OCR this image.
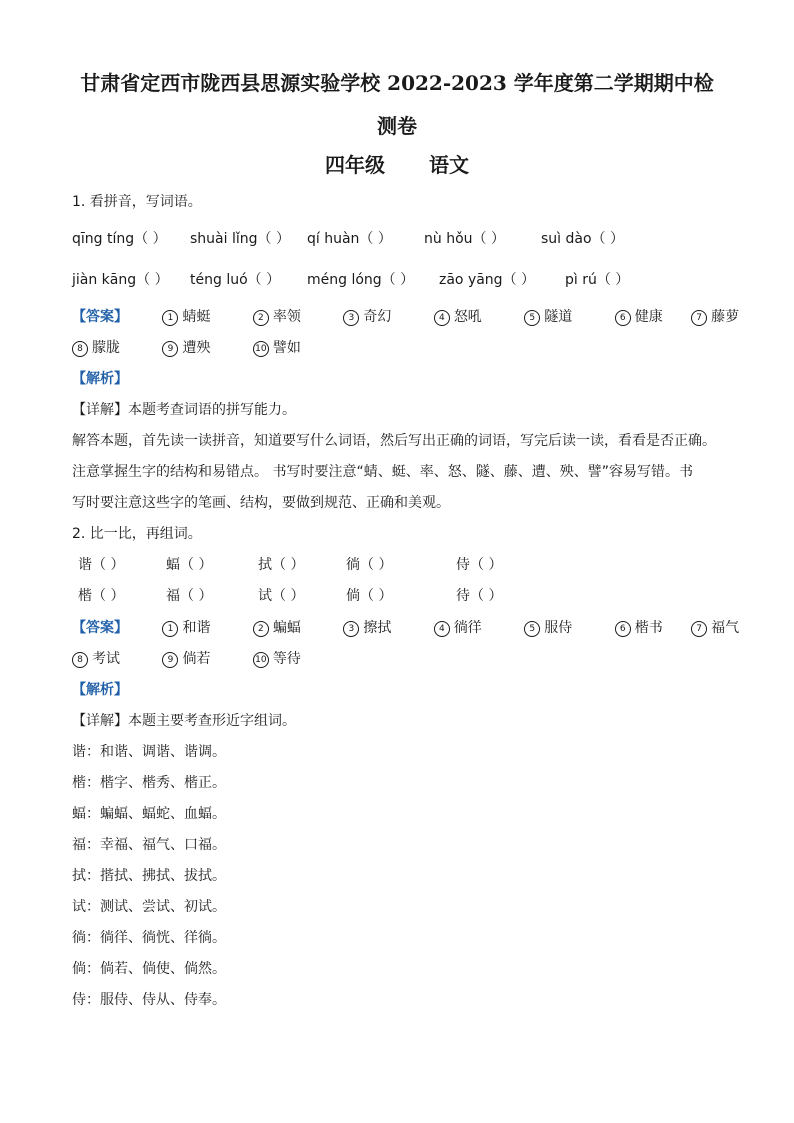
甘肃省定西市陇西县思源实验学校 2022-2023 学年度第二学期期中检
测卷
四年级 语文
1. 看拼音，写词语。
qīng tíng（ ） shuài lǐng（ ） qí huàn（ ） nù hǒu（ ）	suì dào（ ）
jiàn kāng（ ） téng luó（ ） méng lóng（ ） zāo yāng（ ） pì rú（ ）
【答案】	1 蜻蜓	2 率领	3 奇幻	4 怒吼	5 隧道	6 健康	7 藤萝
8 朦胧	9 遭殃	10 譬如
【解析】
【详解】本题考查词语的拼写能力。
解答本题，首先读一读拼音，知道要写什么词语，然后写出正确的词语，写完后读一读，看看是否正确。
注意掌握生字的结构和易错点。 书写时要注意“蜻、蜓、率、怒、隧、藤、遭、殃、譬”容易写错。书
写时要注意这些字的笔画、结构，要做到规范、正确和美观。
2. 比一比，再组词。
谐（ ）	蝠（ ）	拭（ ）	徜（ ）	侍（ ）
楷（ ）	福（ ）	试（ ）	倘（ ）	待（ ）
【答案】	1 和谐	2 蝙蝠	3 擦拭	4 徜徉	5 服侍	6 楷书	7 福气
8 考试	9 倘若	10 等待
【解析】
【详解】本题主要考查形近字组词。
谐：和谐、调谐、谐调。
楷：楷字、楷秀、楷正。
蝠：蝙蝠、蝠蛇、血蝠。
福：幸福、福气、口福。
拭：揩拭、拂拭、拔拭。
试：测试、尝试、初试。
徜：徜徉、徜恍、徉徜。
倘：倘若、倘使、倘然。
侍：服侍、侍从、侍奉。
